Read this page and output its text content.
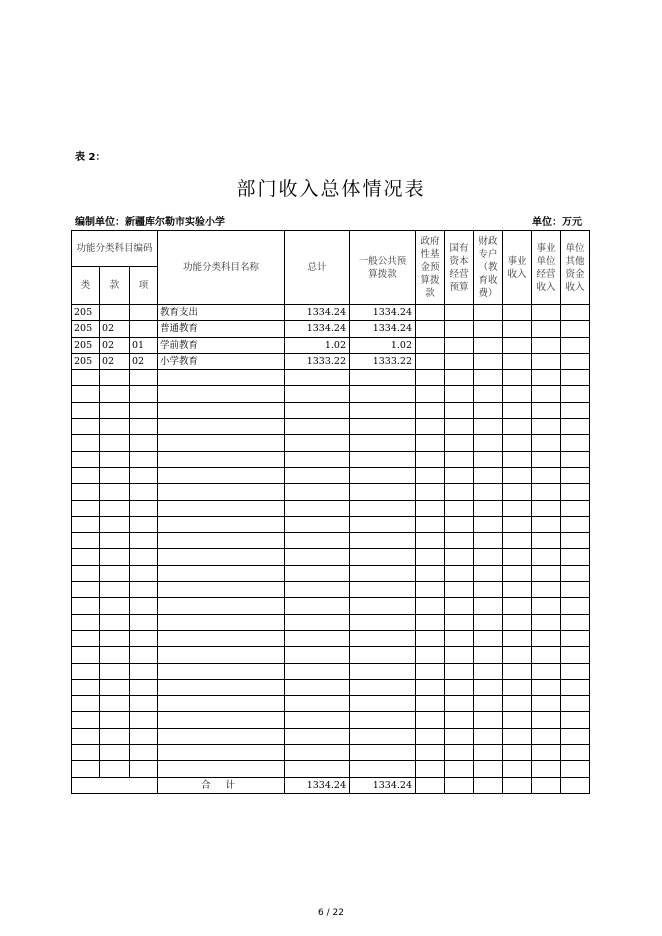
表 2：
部门收入总体情况表
编制单位：新疆库尔勒市实验小学	单位：万元
功能分类科目编码			功能分类科目名称	总计	一般公共预算拨款	政府性基金预算拨款	国有资本经营预算	财政专户（教育收费）	事业收入	事业单位经营收入	单位其他资金收入
类	款	项									
205			教育支出	1334.24	1334.24						
205	02		普通教育	1334.24	1334.24						
205	02	01	学前教育	1.02	1.02						
205	02	02	小学教育	1333.22	1333.22						

			合 计	1334.24	1334.24						
6 / 22
